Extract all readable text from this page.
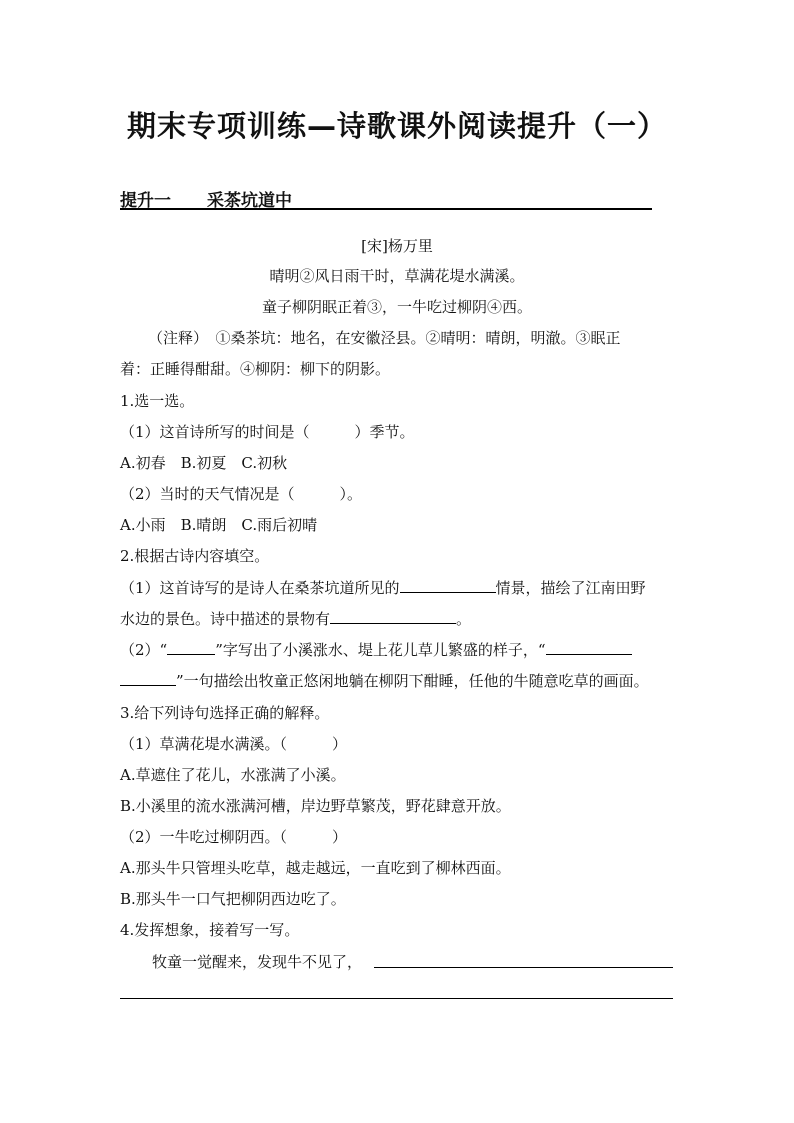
期末专项训练—诗歌课外阅读提升（一）
提升一 采茶坑道中
[宋]杨万里
晴明②风日雨干时，草满花堤水满溪。
童子柳阴眠正着③，一牛吃过柳阴④西。
（注释）　①桑茶坑：地名，在安徽泾县。②晴明：晴朗，明澈。③眠正
着：正睡得酣甜。④柳阴：柳下的阴影。
1.选一选。
（1）这首诗所写的时间是（　　　）季节。
A.初春　B.初夏　C.初秋
（2）当时的天气情况是（　　　）。
A.小雨　B.晴朗　C.雨后初晴
2.根据古诗内容填空。
（1）这首诗写的是诗人在桑茶坑道所见的	情景，描绘了江南田野
水边的景色。诗中描述的景物有	。
（2）“	”字写出了小溪涨水、堤上花儿草儿繁盛的样子，“
”一句描绘出牧童正悠闲地躺在柳阴下酣睡，任他的牛随意吃草的画面。
3.给下列诗句选择正确的解释。
（1）草满花堤水满溪。（　　　）
A.草遮住了花儿，水涨满了小溪。
B.小溪里的流水涨满河槽，岸边野草繁茂，野花肆意开放。
（2）一牛吃过柳阴西。（　　　）
A.那头牛只管埋头吃草，越走越远，一直吃到了柳林西面。
B.那头牛一口气把柳阴西边吃了。
4.发挥想象，接着写一写。
牧童一觉醒来，发现牛不见了，
